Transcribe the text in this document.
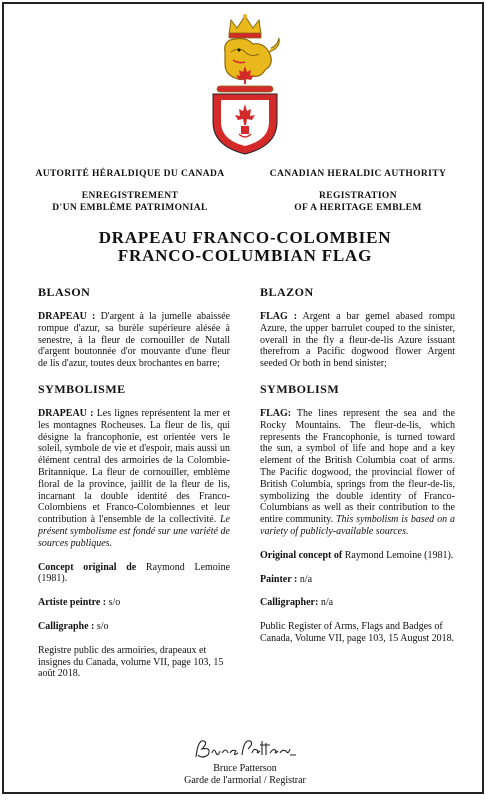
AUTORITÉ HÉRALDIQUE DU CANADA
ENREGISTREMENT
D'UN EMBLÈME PATRIMONIAL
CANADIAN HERALDIC AUTHORITY
REGISTRATION
OF A HERITAGE EMBLEM
DRAPEAU FRANCO-COLOMBIEN
FRANCO-COLUMBIAN FLAG
BLASON

DRAPEAU : D'argent à la jumelle abaissée rompue d'azur, sa burèle supérieure alésée à senestre, à la fleur de cornouiller de Nutall d'argent boutonnée d'or mouvante d'une fleur de lis d'azur, toutes deux brochantes en barre;

SYMBOLISME

DRAPEAU : Les lignes représentent la mer et les montagnes Rocheuses. La fleur de lis, qui désigne la francophonie, est orientée vers le soleil, symbole de vie et d'espoir, mais aussi un élément central des armoiries de la Colombie-Britannique. La fleur de cornouiller, emblème floral de la province, jaillit de la fleur de lis, incarnant la double identité des Franco-Colombiens et Franco-Colombiennes et leur contribution à l'ensemble de la collectivité. Le présent symbolisme est fondé sur une variété de sources publiques.

Concept original de Raymond Lemoine (1981).

Artiste peintre : s/o

Calligraphe : s/o

Registre public des armoiries, drapeaux et insignes du Canada, volume VII, page 103, 15 août 2018.

BLAZON

FLAG : Argent a bar gemel abased rompu Azure, the upper barrulet couped to the sinister, overall in the fly a fleur-de-lis Azure issuant therefrom a Pacific dogwood flower Argent seeded Or both in bend sinister;

SYMBOLISM

FLAG: The lines represent the sea and the Rocky Mountains. The fleur-de-lis, which represents the Francophonie, is turned toward the sun, a symbol of life and hope and a key element of the British Columbia coat of arms. The Pacific dogwood, the provincial flower of British Columbia, springs from the fleur-de-lis, symbolizing the double identity of Franco-Columbians as well as their contribution to the entire community. This symbolism is based on a variety of publicly-available sources.

Original concept of Raymond Lemoine (1981).

Painter : n/a

Calligrapher: n/a

Public Register of Arms, Flags and Badges of Canada, Volume VII, page 103, 15 August 2018.

Bruce Patterson
Garde de l'armorial / Registrar
